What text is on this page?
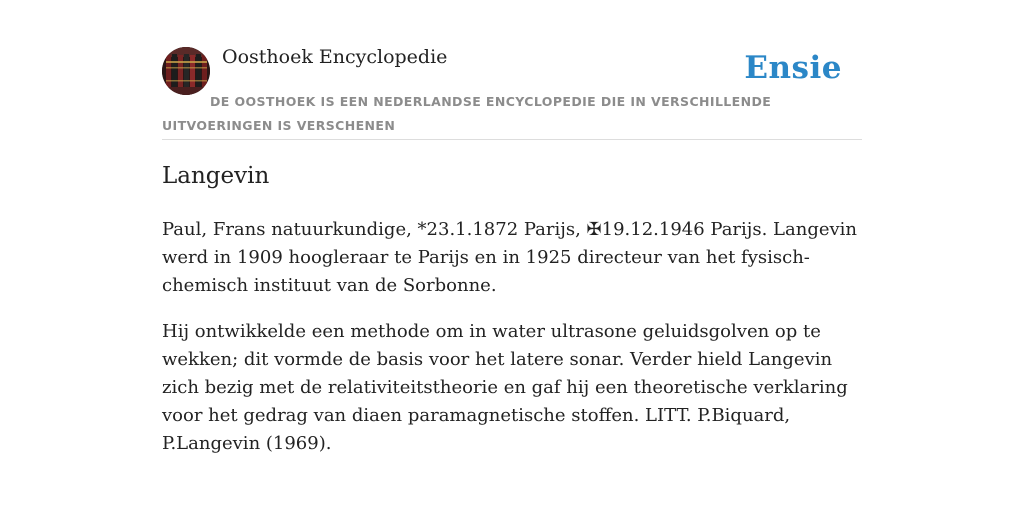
Oosthoek Encyclopedie	Ensie
DE OOSTHOEK IS EEN NEDERLANDSE ENCYCLOPEDIE DIE IN VERSCHILLENDE UITVOERINGEN IS VERSCHENEN
Langevin

Paul, Frans natuurkundige, *23.1.1872 Parijs, ✠19.12.1946 Parijs. Langevin werd in 1909 hoogleraar te Parijs en in 1925 directeur van het fysisch-chemisch instituut van de Sorbonne.

Hij ontwikkelde een methode om in water ultrasone geluidsgolven op te wekken; dit vormde de basis voor het latere sonar. Verder hield Langevin zich bezig met de relativiteitstheorie en gaf hij een theoretische verklaring voor het gedrag van diaen paramagnetische stoffen. LITT. P.Biquard, P.Langevin (1969).
